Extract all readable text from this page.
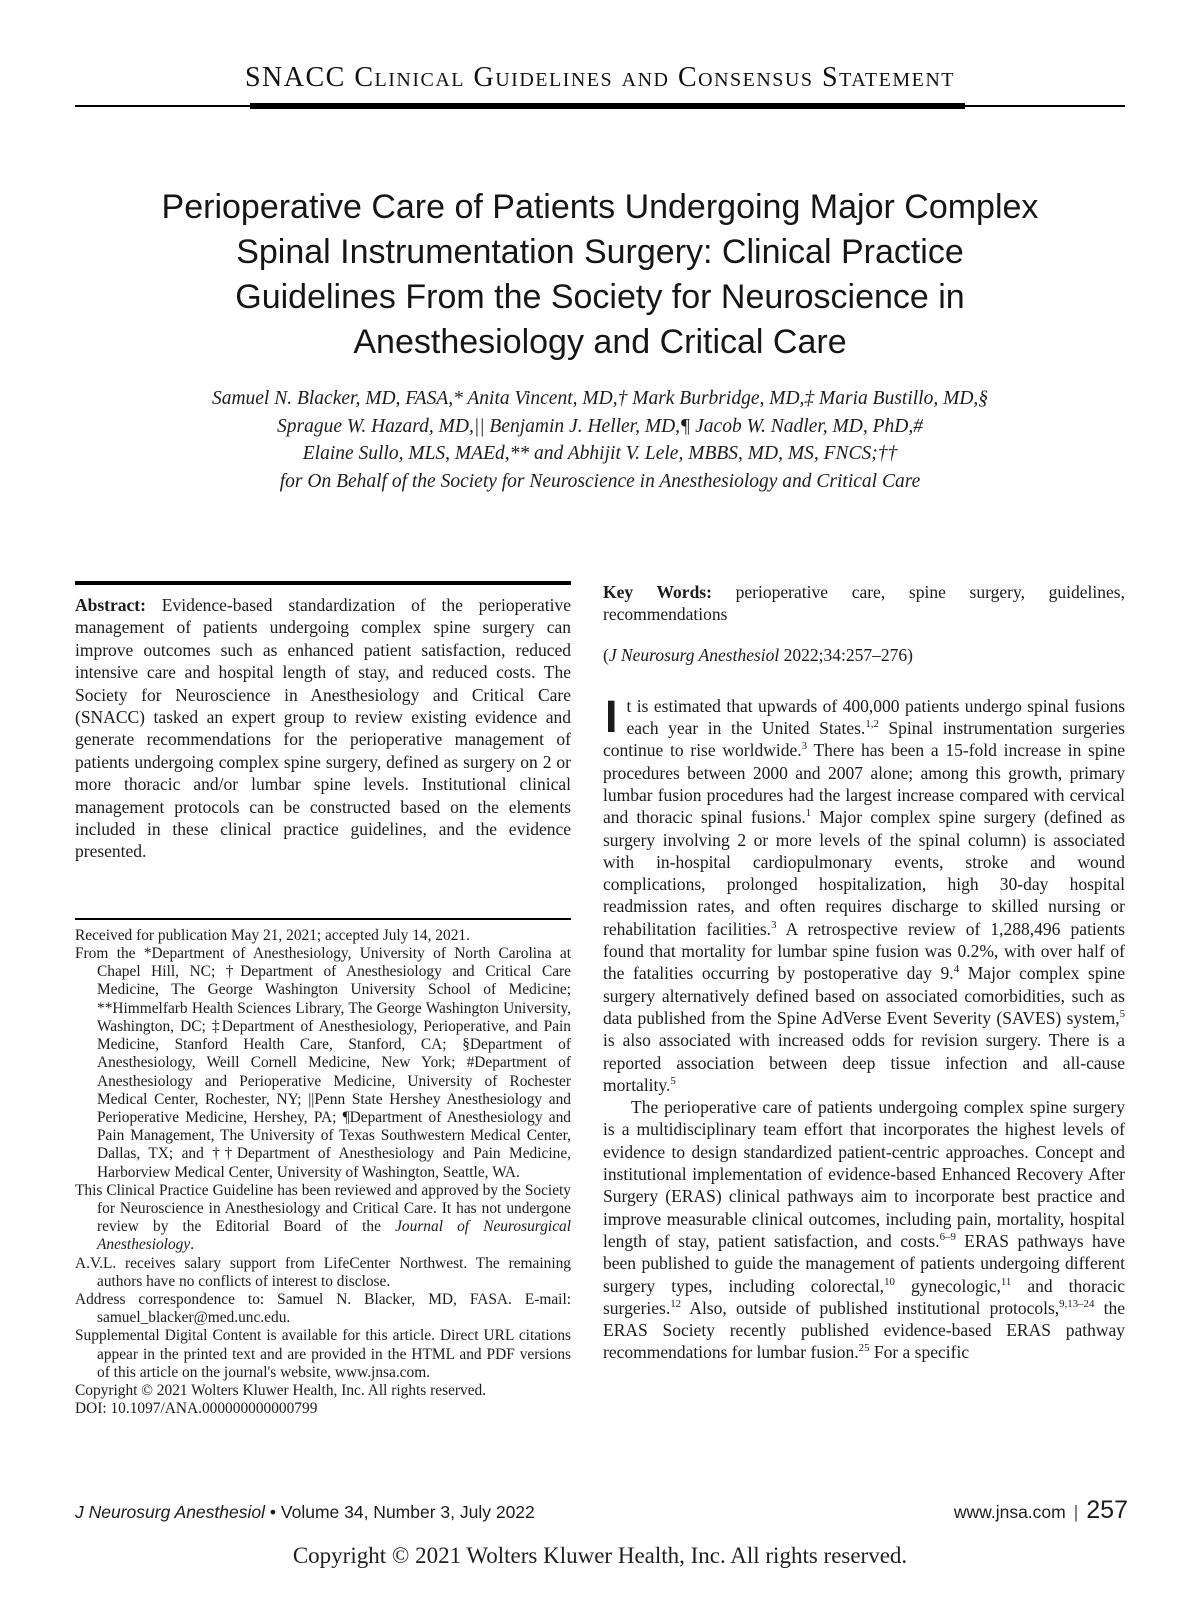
SNACC Clinical Guidelines and Consensus Statement
Perioperative Care of Patients Undergoing Major Complex
Spinal Instrumentation Surgery: Clinical Practice
Guidelines From the Society for Neuroscience in
Anesthesiology and Critical Care
Samuel N. Blacker, MD, FASA,* Anita Vincent, MD,† Mark Burbridge, MD,‡ Maria Bustillo, MD,§
Sprague W. Hazard, MD,|| Benjamin J. Heller, MD,¶ Jacob W. Nadler, MD, PhD,#
Elaine Sullo, MLS, MAEd,** and Abhijit V. Lele, MBBS, MD, MS, FNCS;††
for On Behalf of the Society for Neuroscience in Anesthesiology and Critical Care
Abstract: Evidence-based standardization of the perioperative management of patients undergoing complex spine surgery can improve outcomes such as enhanced patient satisfaction, reduced intensive care and hospital length of stay, and reduced costs. The Society for Neuroscience in Anesthesiology and Critical Care (SNACC) tasked an expert group to review existing evidence and generate recommendations for the perioperative management of patients undergoing complex spine surgery, defined as surgery on 2 or more thoracic and/or lumbar spine levels. Institutional clinical management protocols can be constructed based on the elements included in these clinical practice guidelines, and the evidence presented.

Received for publication May 21, 2021; accepted July 14, 2021.

From the *Department of Anesthesiology, University of North Carolina at Chapel Hill, NC; †Department of Anesthesiology and Critical Care Medicine, The George Washington University School of Medicine; **Himmelfarb Health Sciences Library, The George Washington University, Washington, DC; ‡Department of Anesthesiology, Perioperative, and Pain Medicine, Stanford Health Care, Stanford, CA; §Department of Anesthesiology, Weill Cornell Medicine, New York; #Department of Anesthesiology and Perioperative Medicine, University of Rochester Medical Center, Rochester, NY; ||Penn State Hershey Anesthesiology and Perioperative Medicine, Hershey, PA; ¶Department of Anesthesiology and Pain Management, The University of Texas Southwestern Medical Center, Dallas, TX; and ††Department of Anesthesiology and Pain Medicine, Harborview Medical Center, University of Washington, Seattle, WA.

This Clinical Practice Guideline has been reviewed and approved by the Society for Neuroscience in Anesthesiology and Critical Care. It has not undergone review by the Editorial Board of the Journal of Neurosurgical Anesthesiology.

A.V.L. receives salary support from LifeCenter Northwest. The remaining authors have no conflicts of interest to disclose.

Address correspondence to: Samuel N. Blacker, MD, FASA. E-mail: samuel_blacker@med.unc.edu.

Supplemental Digital Content is available for this article. Direct URL citations appear in the printed text and are provided in the HTML and PDF versions of this article on the journal's website, www.jnsa.com.

Copyright © 2021 Wolters Kluwer Health, Inc. All rights reserved.

DOI: 10.1097/ANA.000000000000799

Key Words: perioperative care, spine surgery, guidelines, recommendations
(J Neurosurg Anesthesiol 2022;34:257–276)

It is estimated that upwards of 400,000 patients undergo spinal fusions each year in the United States.$^{1,2}$ Spinal instrumentation surgeries continue to rise worldwide.$^3$ There has been a 15-fold increase in spine procedures between 2000 and 2007 alone; among this growth, primary lumbar fusion procedures had the largest increase compared with cervical and thoracic spinal fusions.$^1$ Major complex spine surgery (defined as surgery involving 2 or more levels of the spinal column) is associated with in-hospital cardiopulmonary events, stroke and wound complications, prolonged hospitalization, high 30-day hospital readmission rates, and often requires discharge to skilled nursing or rehabilitation facilities.$^3$ A retrospective review of 1,288,496 patients found that mortality for lumbar spine fusion was 0.2%, with over half of the fatalities occurring by postoperative day 9.$^4$ Major complex spine surgery alternatively defined based on associated comorbidities, such as data published from the Spine AdVerse Event Severity (SAVES) system,$^5$ is also associated with increased odds for revision surgery. There is a reported association between deep tissue infection and all-cause mortality.$^5$

The perioperative care of patients undergoing complex spine surgery is a multidisciplinary team effort that incorporates the highest levels of evidence to design standardized patient-centric approaches. Concept and institutional implementation of evidence-based Enhanced Recovery After Surgery (ERAS) clinical pathways aim to incorporate best practice and improve measurable clinical outcomes, including pain, mortality, hospital length of stay, patient satisfaction, and costs.$^{6-9}$ ERAS pathways have been published to guide the management of patients undergoing different surgery types, including colorectal,$^{10}$ gynecologic,$^{11}$ and thoracic surgeries.$^{12}$ Also, outside of published institutional protocols,$^{9,13-24}$ the ERAS Society recently published evidence-based ERAS pathway recommendations for lumbar fusion.$^{25}$ For a specific

J Neurosurg Anesthesiol • Volume 34, Number 3, July 2022	www.jnsa.com | 257
Copyright © 2021 Wolters Kluwer Health, Inc. All rights reserved.
